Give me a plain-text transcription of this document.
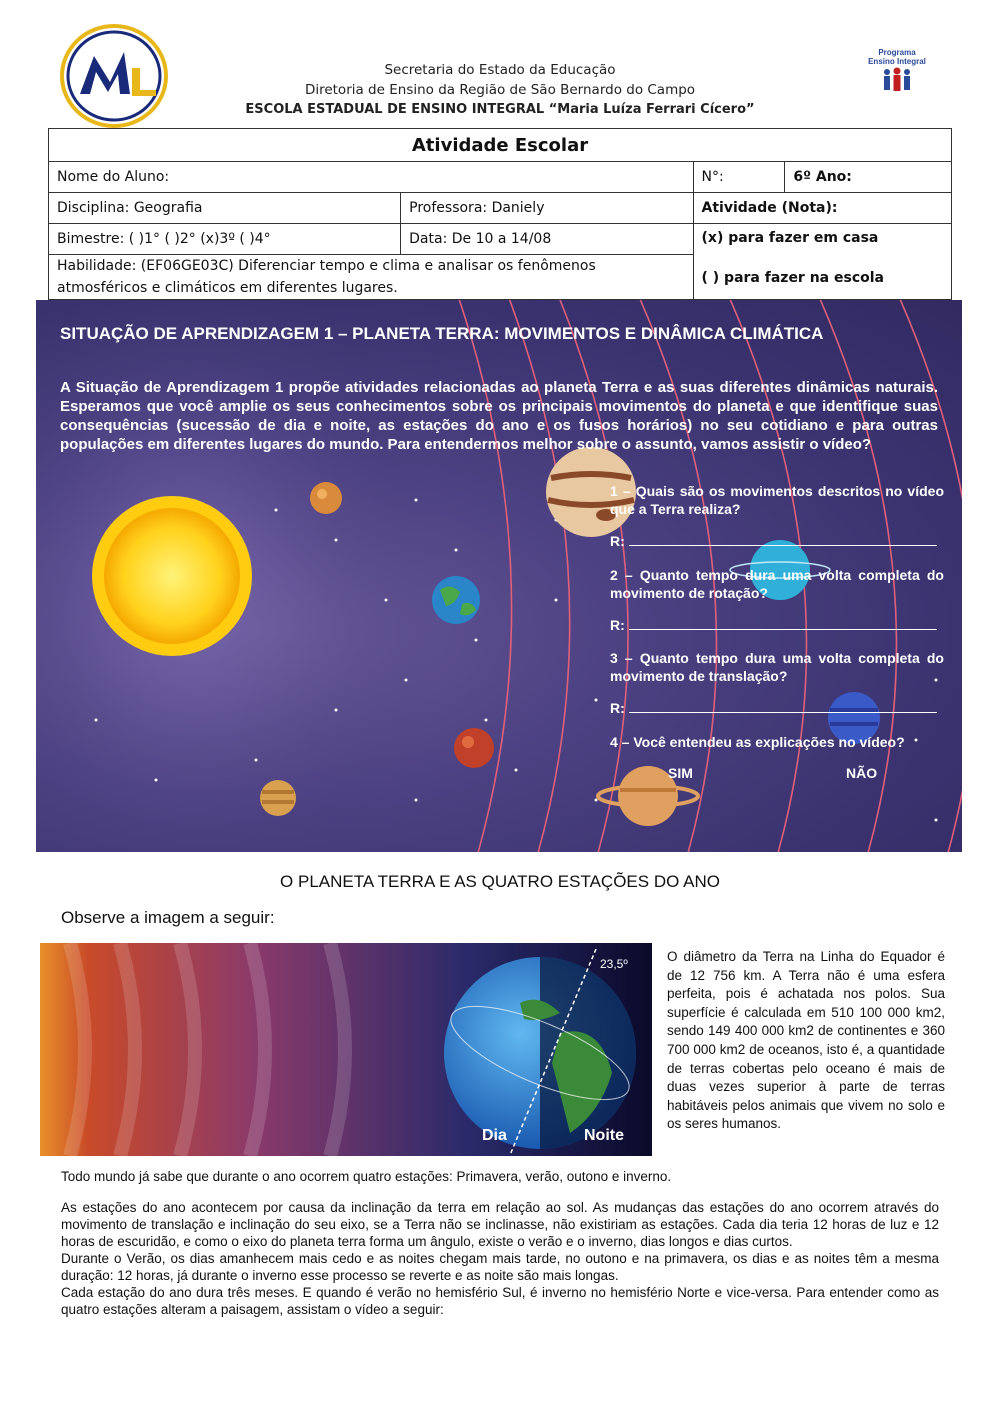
Programa Ensino Integral
Secretaria do Estado da Educação
Diretoria de Ensino da Região de São Bernardo do Campo
ESCOLA ESTADUAL DE ENSINO INTEGRAL “Maria Luíza Ferrari Cícero”
Atividade Escolar			
Nome do Aluno:		N°:	6º Ano:
Disciplina: Geografia	Professora: Daniely	Atividade (Nota):	
Bimestre: ( )1° ( )2° (x)3º ( )4°	Data: De 10 a 14/08	(x) para fazer em casa
( ) para fazer na escola	

Habilidade: (EF06GE03C) Diferenciar tempo e clima e analisar os fenômenos atmosféricos e climáticos em diferentes lugares.			
SITUAÇÃO DE APRENDIZAGEM 1 – PLANETA TERRA: MOVIMENTOS E DINÂMICA CLIMÁTICA
A Situação de Aprendizagem 1 propõe atividades relacionadas ao planeta Terra e as suas diferentes dinâmicas naturais. Esperamos que você amplie os seus conhecimentos sobre os principais movimentos do planeta e que identifique suas consequências (sucessão de dia e noite, as estações do ano e os fusos horários) no seu cotidiano e para outras populações em diferentes lugares do mundo. Para entendermos melhor sobre o assunto, vamos assistir o vídeo?
1 – Quais são os movimentos descritos no vídeo que a Terra realiza?
R:
2 – Quanto tempo dura uma volta completa do movimento de rotação?
R:
3 – Quanto tempo dura uma volta completa do movimento de translação?
R:
4 – Você entendeu as explicações no vídeo?
SIM	NÃO
O PLANETA TERRA E AS QUATRO ESTAÇÕES DO ANO
Observe a imagem a seguir:
23,5º
Dia	Noite
O diâmetro da Terra na Linha do Equador é de 12 756 km. A Terra não é uma esfera perfeita, pois é achatada nos polos. Sua superfície é calculada em 510 100 000 km2, sendo 149 400 000 km2 de continentes e 360 700 000 km2 de oceanos, isto é, a quantidade de terras cobertas pelo oceano é mais de duas vezes superior à parte de terras habitáveis pelos animais que vivem no solo e os seres humanos.
Todo mundo já sabe que durante o ano ocorrem quatro estações: Primavera, verão, outono e inverno.

As estações do ano acontecem por causa da inclinação da terra em relação ao sol. As mudanças das estações do ano ocorrem através do movimento de translação e inclinação do seu eixo, se a Terra não se inclinasse, não existiriam as estações. Cada dia teria 12 horas de luz e 12 horas de escuridão, e como o eixo do planeta terra forma um ângulo, existe o verão e o inverno, dias longos e dias curtos.

Durante o Verão, os dias amanhecem mais cedo e as noites chegam mais tarde, no outono e na primavera, os dias e as noites têm a mesma duração: 12 horas, já durante o inverno esse processo se reverte e as noite são mais longas.

Cada estação do ano dura três meses. E quando é verão no hemisfério Sul, é inverno no hemisfério Norte e vice-versa. Para entender como as quatro estações alteram a paisagem, assistam o vídeo a seguir:
